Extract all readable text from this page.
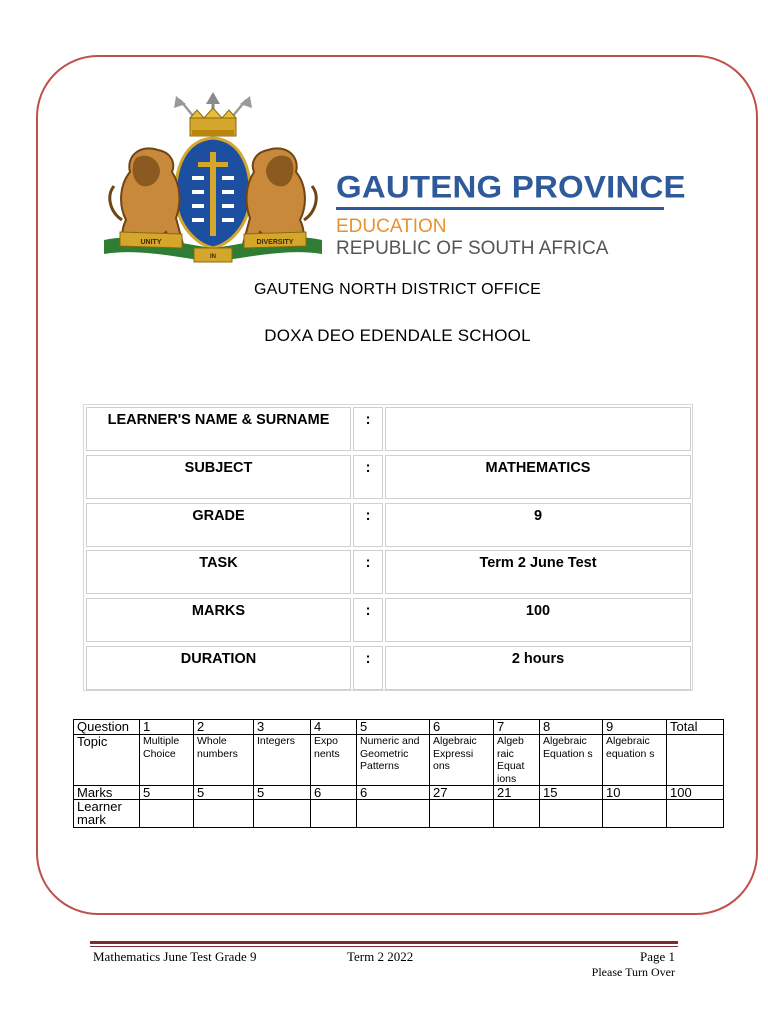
UNITY
IN
DIVERSITY
GAUTENG PROVINCE
EDUCATION
REPUBLIC OF SOUTH AFRICA
GAUTENG NORTH DISTRICT OFFICE
DOXA DEO EDENDALE SCHOOL
LEARNER'S NAME & SURNAME	:
SUBJECT	:	MATHEMATICS
GRADE	:	9
TASK	:	Term 2 June Test
MARKS	:	100
DURATION	:	2 hours
Question	1	2	3	4	5	6	7	8	9	Total
Topic	Multiple Choice	Whole numbers	Integers	Expo nents	Numeric and Geometric Patterns	Algebraic Expressi ons	Algeb raic Equat ions	Algebraic Equation s	Algebraic equation s	
Marks	5	5	5	6	6	27	21	15	10	100
Learner mark										
Mathematics June Test Grade 9	Term 2 2022	Page 1
Please Turn Over
